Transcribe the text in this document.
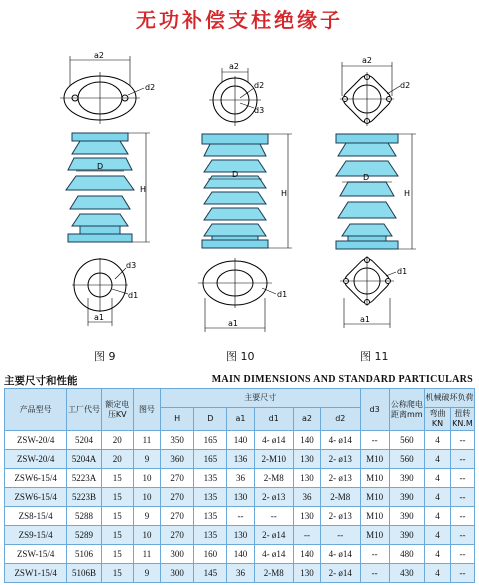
无功补偿支柱绝缘子
a2
d2
D
H
d3
d1
a1
a2
d2
d3
D
H
d1
a1
a2
d2
D
H
d1
a1
图 9	图 10	图 11
主要尺寸和性能	MAIN DIMENSIONS AND STANDARD PARTICULARS
产品型号	工厂代号	额定电压KV	图号	主要尺寸						d3	公称爬电距离mm	机械破坏负荷	
				H	D	a1	d1	a2	d2			弯曲KN	扭转KN.M
ZSW-20/4	5204	20	11	350	165	140	4- ø14	140	4- ø14	--	560	4	--
ZSW-20/4	5204A	20	9	360	165	136	2-M10	130	2- ø13	M10	560	4	--
ZSW6-15/4	5223A	15	10	270	135	36	2-M8	130	2- ø13	M10	390	4	--
ZSW6-15/4	5223B	15	10	270	135	130	2- ø13	36	2-M8	M10	390	4	--
ZS8-15/4	5288	15	9	270	135	--	--	130	2- ø13	M10	390	4	--
ZS9-15/4	5289	15	10	270	135	130	2- ø14	--	--	M10	390	4	--
ZSW-15/4	5106	15	11	300	160	140	4- ø14	140	4- ø14	--	480	4	--
ZSW1-15/4	5106B	15	9	300	145	36	2-M8	130	2- ø14	--	430	4	--
